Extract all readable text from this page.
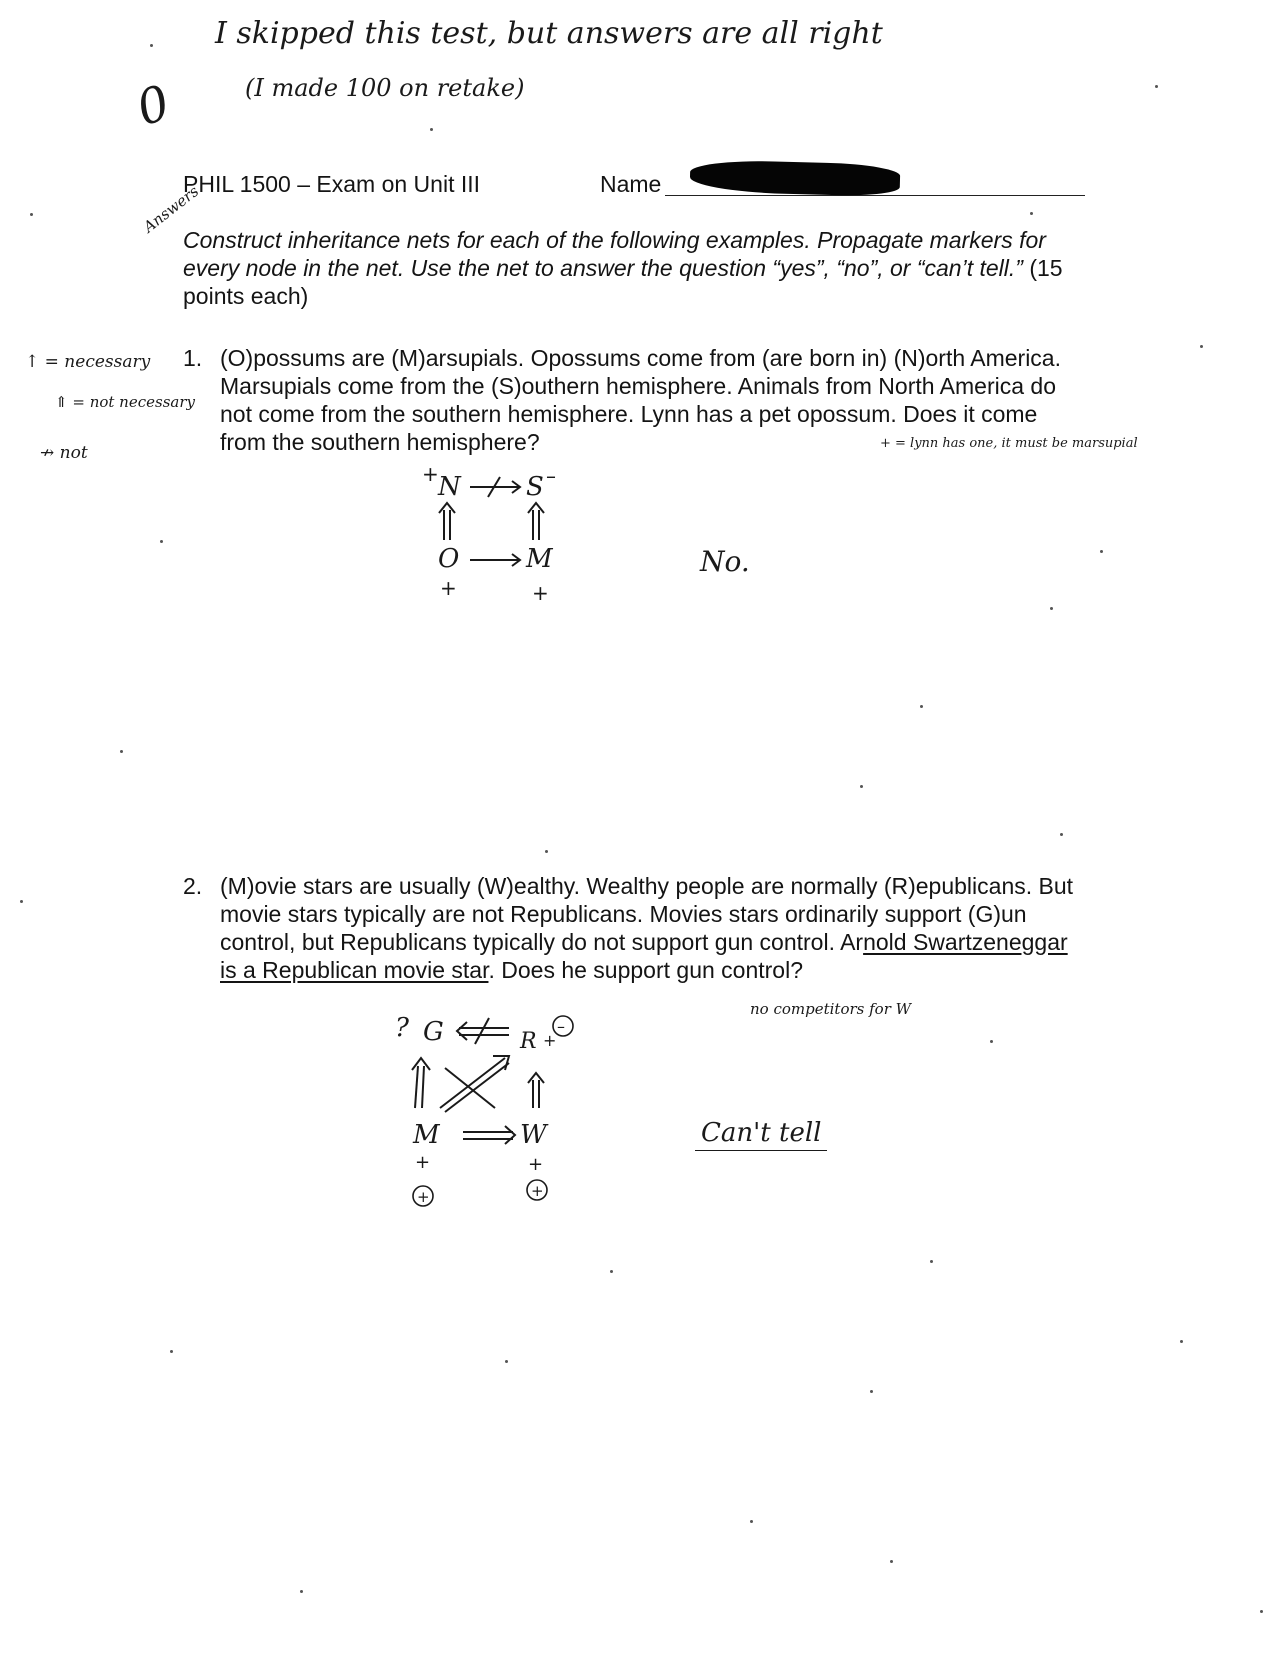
I skipped this test, but answers are all right
(I made 100 on retake)
0
PHIL 1500 – Exam on Unit III	Name
Answers
Construct inheritance nets for each of the following examples. Propagate markers for every node in the net. Use the net to answer the question “yes”, “no”, or “can’t tell.” (15 points each)
↑ = necessary
⇑ = not necessary
↛ not
1. (O)possums are (M)arsupials. Opossums come from (are born in) (N)orth America. Marsupials come from the (S)outhern hemisphere. Animals from North America do not come from the southern hemisphere. Lynn has a pet opossum. Does it come from the southern hemisphere?	+ = lynn has one, it must be marsupial
+ N	S –
O	M
+	+
No.
2. (M)ovie stars are usually (W)ealthy. Wealthy people are normally (R)epublicans. But movie stars typically are not Republicans. Movies stars ordinarily support (G)un control, but Republicans typically do not support gun control. Arnold Swartzeneggar is a Republican movie star. Does he support gun control?
no competitors for W
? G	R +
–
M	W
+	+
+	+
Can't tell
